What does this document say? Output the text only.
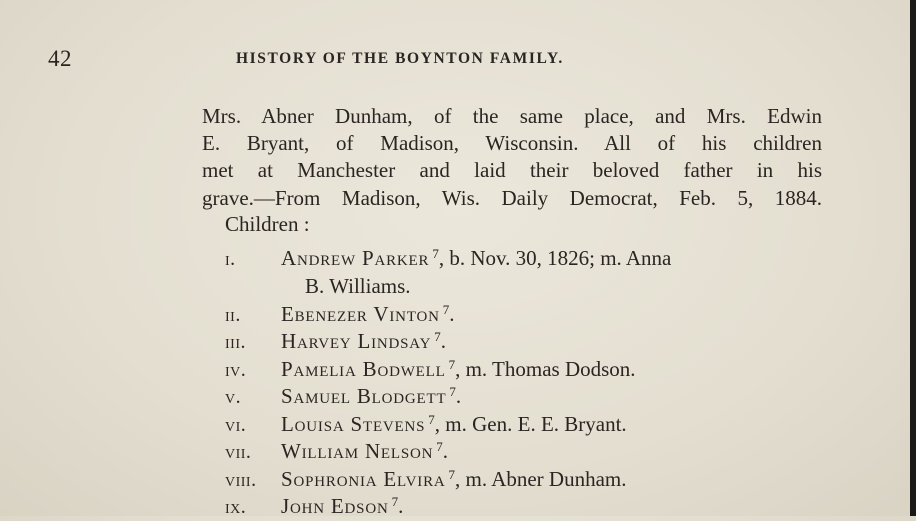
42	HISTORY OF THE BOYNTON FAMILY.
Mrs. Abner Dunham, of the same place, and Mrs. Edwin
E. Bryant, of Madison, Wisconsin. All of his children
met at Manchester and laid their beloved father in his
grave.—From Madison, Wis. Daily Democrat, Feb. 5, 1884.
Children :
i. Andrew Parker $^7$, b. Nov. 30, 1826; m. Anna
B. Williams.
ii. Ebenezer Vinton $^7$.
iii. Harvey Lindsay $^7$.
iv. Pamelia Bodwell $^7$, m. Thomas Dodson.
v. Samuel Blodgett $^7$.
vi. Louisa Stevens $^7$, m. Gen. E. E. Bryant.
vii. William Nelson $^7$.
viii. Sophronia Elvira $^7$, m. Abner Dunham.
ix. John Edson $^7$.
